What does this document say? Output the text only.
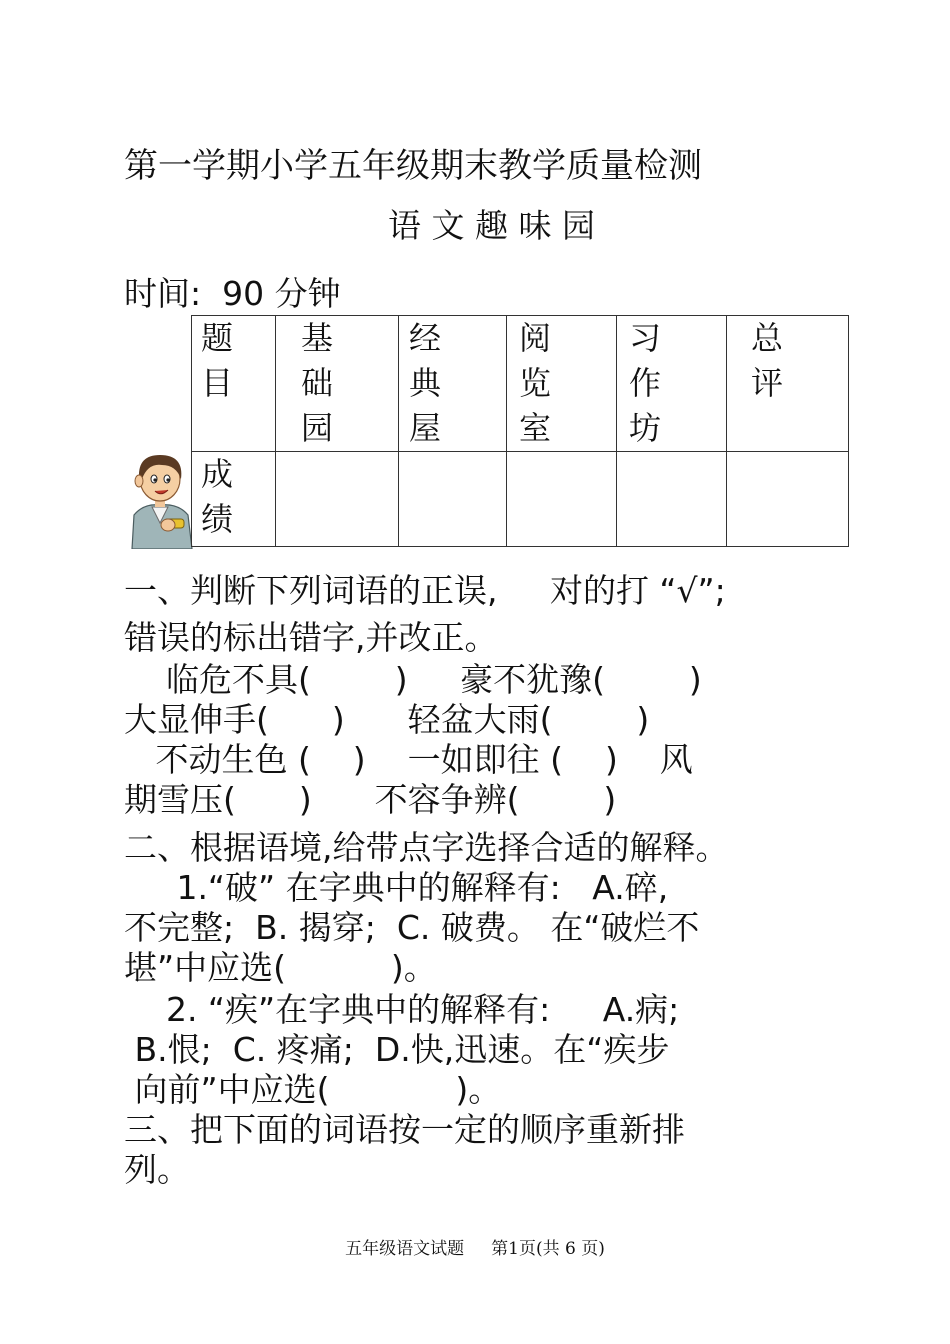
第一学期小学五年级期末教学质量检测
语 文 趣 味 园
时间:  90 分钟

题目	基础园	经典屋	阅览室	习作坊	总评

成绩					

一、判断下列词语的正误,     对的打 “√”;
错误的标出错字,并改正。
临危不具(        )     豪不犹豫(        )
大显伸手(      )      轻盆大雨(        )
不动生色 (    )    一如即往 (    )    风
期雪压(      )      不容争辨(        )
二、根据语境,给带点字选择合适的解释。
1.“破” 在字典中的解释有:   A.碎,
不完整;  B. 揭穿;  C. 破费。 在“破烂不
堪”中应选(          )。
2. “疾”在字典中的解释有:     A.病;
B.恨;  C. 疼痛;  D.快,迅速。在“疾步
向前”中应选(            )。
三、把下面的词语按一定的顺序重新排
列。
五年级语文试题     第1页(共 6 页)
